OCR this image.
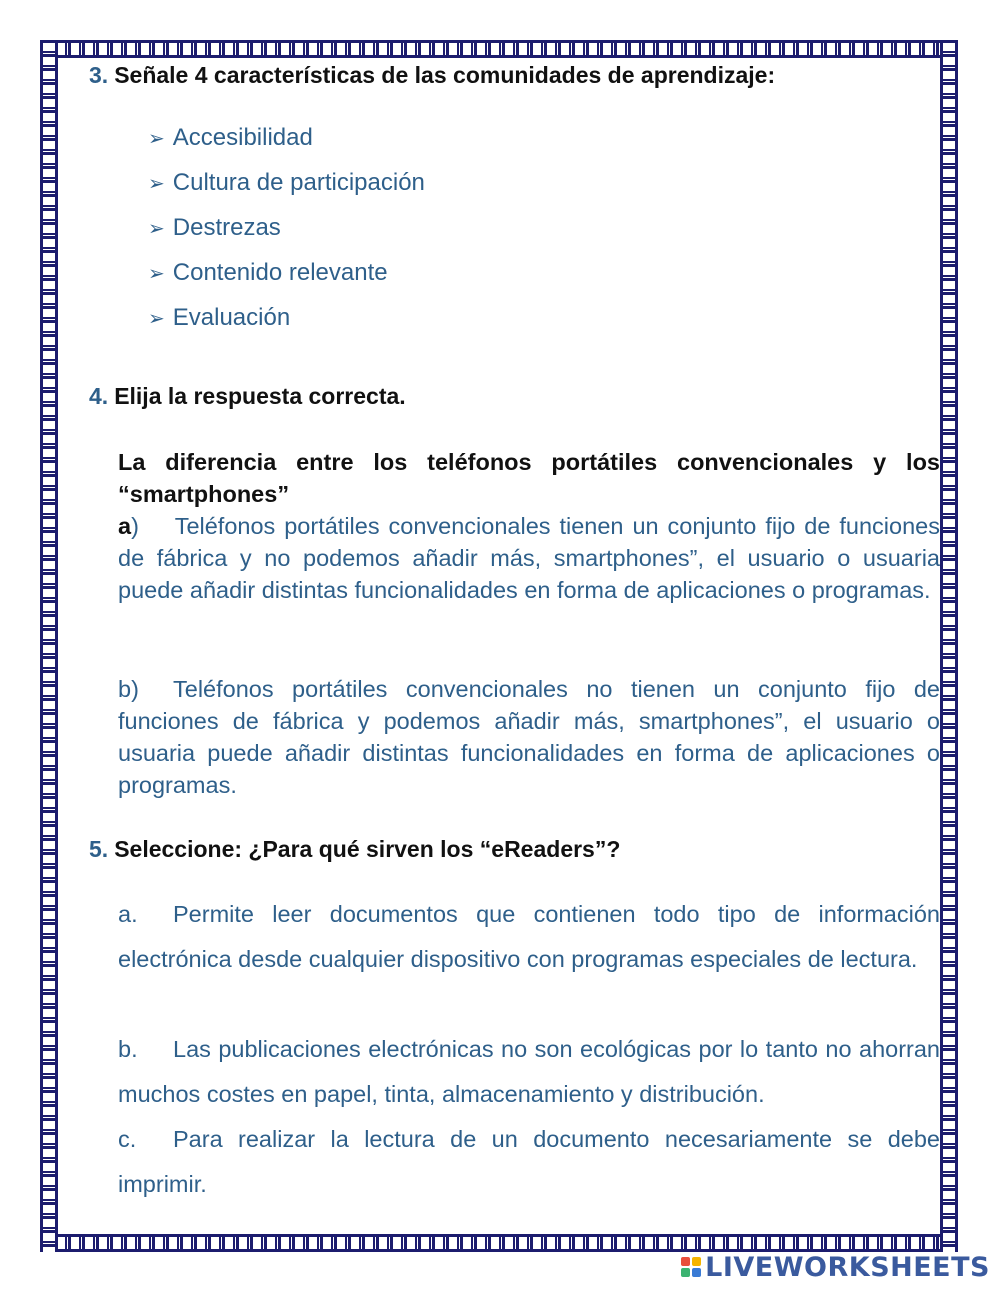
3. Señale 4 características de las comunidades de aprendizaje:
➢ Accesibilidad
➢ Cultura de participación
➢ Destrezas
➢ Contenido relevante
➢ Evaluación
4. Elija la respuesta correcta.
La diferencia entre los teléfonos portátiles convencionales y los “smartphones”
a) Teléfonos portátiles convencionales tienen un conjunto fijo de funciones de fábrica y no podemos añadir más, smartphones”, el usuario o usuaria puede añadir distintas funcionalidades en forma de aplicaciones o programas.
b) Teléfonos portátiles convencionales no tienen un conjunto fijo de funciones de fábrica y podemos añadir más, smartphones”, el usuario o usuaria puede añadir distintas funcionalidades en forma de aplicaciones o programas.
5. Seleccione: ¿Para qué sirven los “eReaders”?
a. Permite leer documentos que contienen todo tipo de información electrónica desde cualquier dispositivo con programas especiales de lectura.
b. Las publicaciones electrónicas no son ecológicas por lo tanto no ahorran muchos costes en papel, tinta, almacenamiento y distribución.
c. Para realizar la lectura de un documento necesariamente se debe imprimir.
LIVEWORKSHEETS
